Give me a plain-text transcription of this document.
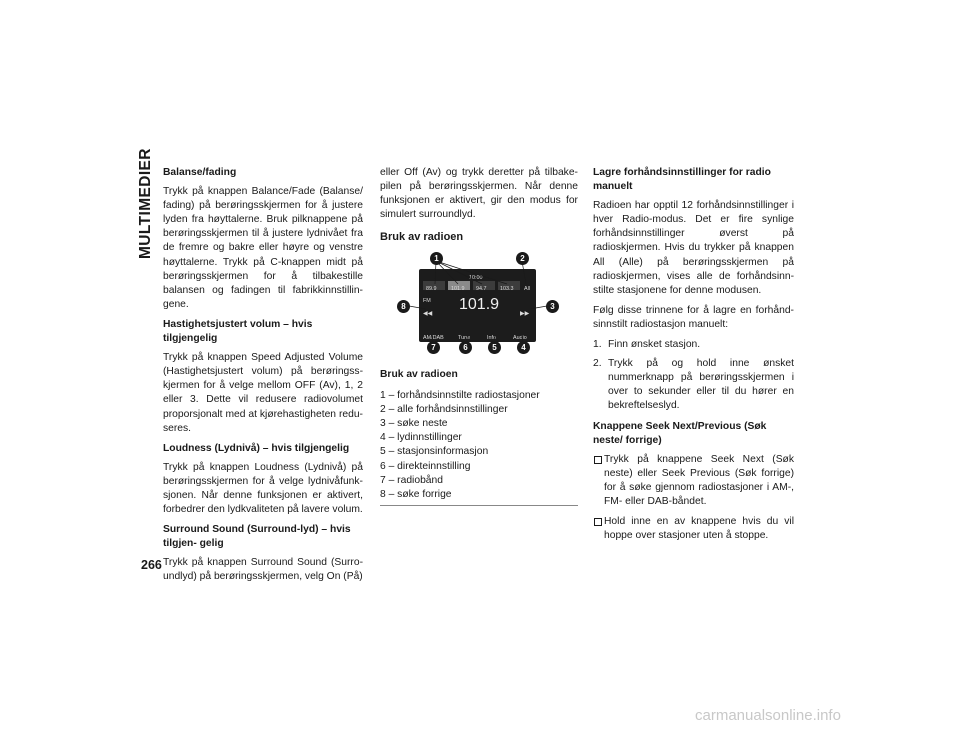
MULTIMEDIER
266

Balanse/fading

Trykk på knappen Balance/Fade (Balanse/ fading) på berøringsskjermen for å justere lyden fra høyttalerne. Bruk pilknappene på berøringsskjermen til å justere lydnivået fra de fremre og bakre eller høyre og venstre høyttalerne. Trykk på C-knappen midt på berøringsskjermen for å tilbakestille balansen og fadingen til fabrikkinnstillin- gene.

Hastighetsjustert volum – hvis tilgjengelig

Trykk på knappen Speed Adjusted Volume (Hastighetsjustert volum) på berøringss- kjermen for å velge mellom OFF (Av), 1, 2 eller 3. Dette vil redusere radiovolumet proporsjonalt med at kjørehastigheten redu- seres.

Loudness (Lydnivå) – hvis tilgjengelig

Trykk på knappen Loudness (Lydnivå) på berøringsskjermen for å velge lydnivåfunk- sjonen. Når denne funksjonen er aktivert, forbedrer den lydkvaliteten på lavere volum.

Surround Sound (Surround-lyd) – hvis tilgjen- gelig

Trykk på knappen Surround Sound (Surro- undlyd) på berøringsskjermen, velg On (På)

eller Off (Av) og trykk deretter på tilbake-pilen på berøringsskjermen. Når denne funksjonen er aktivert, gir den modus for simulert surroundlyd.

Bruk av radioen
10:00
89.9	101.9 94.7	103.3 All
FM 101.9
◀◀	▶▶
AM/DAB	Tune	Info	Audio
1	2
3
4
5
6
7
8

Bruk av radioen

1 – forhåndsinnstilte radiostasjoner
2 – alle forhåndsinnstillinger
3 – søke neste
4 – lydinnstillinger
5 – stasjonsinformasjon
6 – direkteinnstilling
7 – radiobånd
8 – søke forrige

Lagre forhåndsinnstillinger for radio manuelt

Radioen har opptil 12 forhåndsinnstillinger i hver Radio-modus. Det er fire synlige forhåndsinnstillinger øverst på radioskjermen. Hvis du trykker på knappen All (Alle) på berøringsskjermen på radioskjermen, vises alle de forhåndsinn- stilte stasjonene for denne modusen.

Følg disse trinnene for å lagre en forhånd- sinnstilt radiostasjon manuelt:

1. Finn ønsket stasjon.
2. Trykk på og hold inne ønsket nummerknapp på berøringsskjermen i over to sekunder eller til du hører en bekreftelseslyd.

Knappene Seek Next/Previous (Søk neste/ forrige)

Trykk på knappene Seek Next (Søk neste) eller Seek Previous (Søk forrige) for å søke gjennom radiostasjoner i AM-, FM- eller DAB-båndet.
Hold inne en av knappene hvis du vil hoppe over stasjoner uten å stoppe.
carmanualsonline.info
